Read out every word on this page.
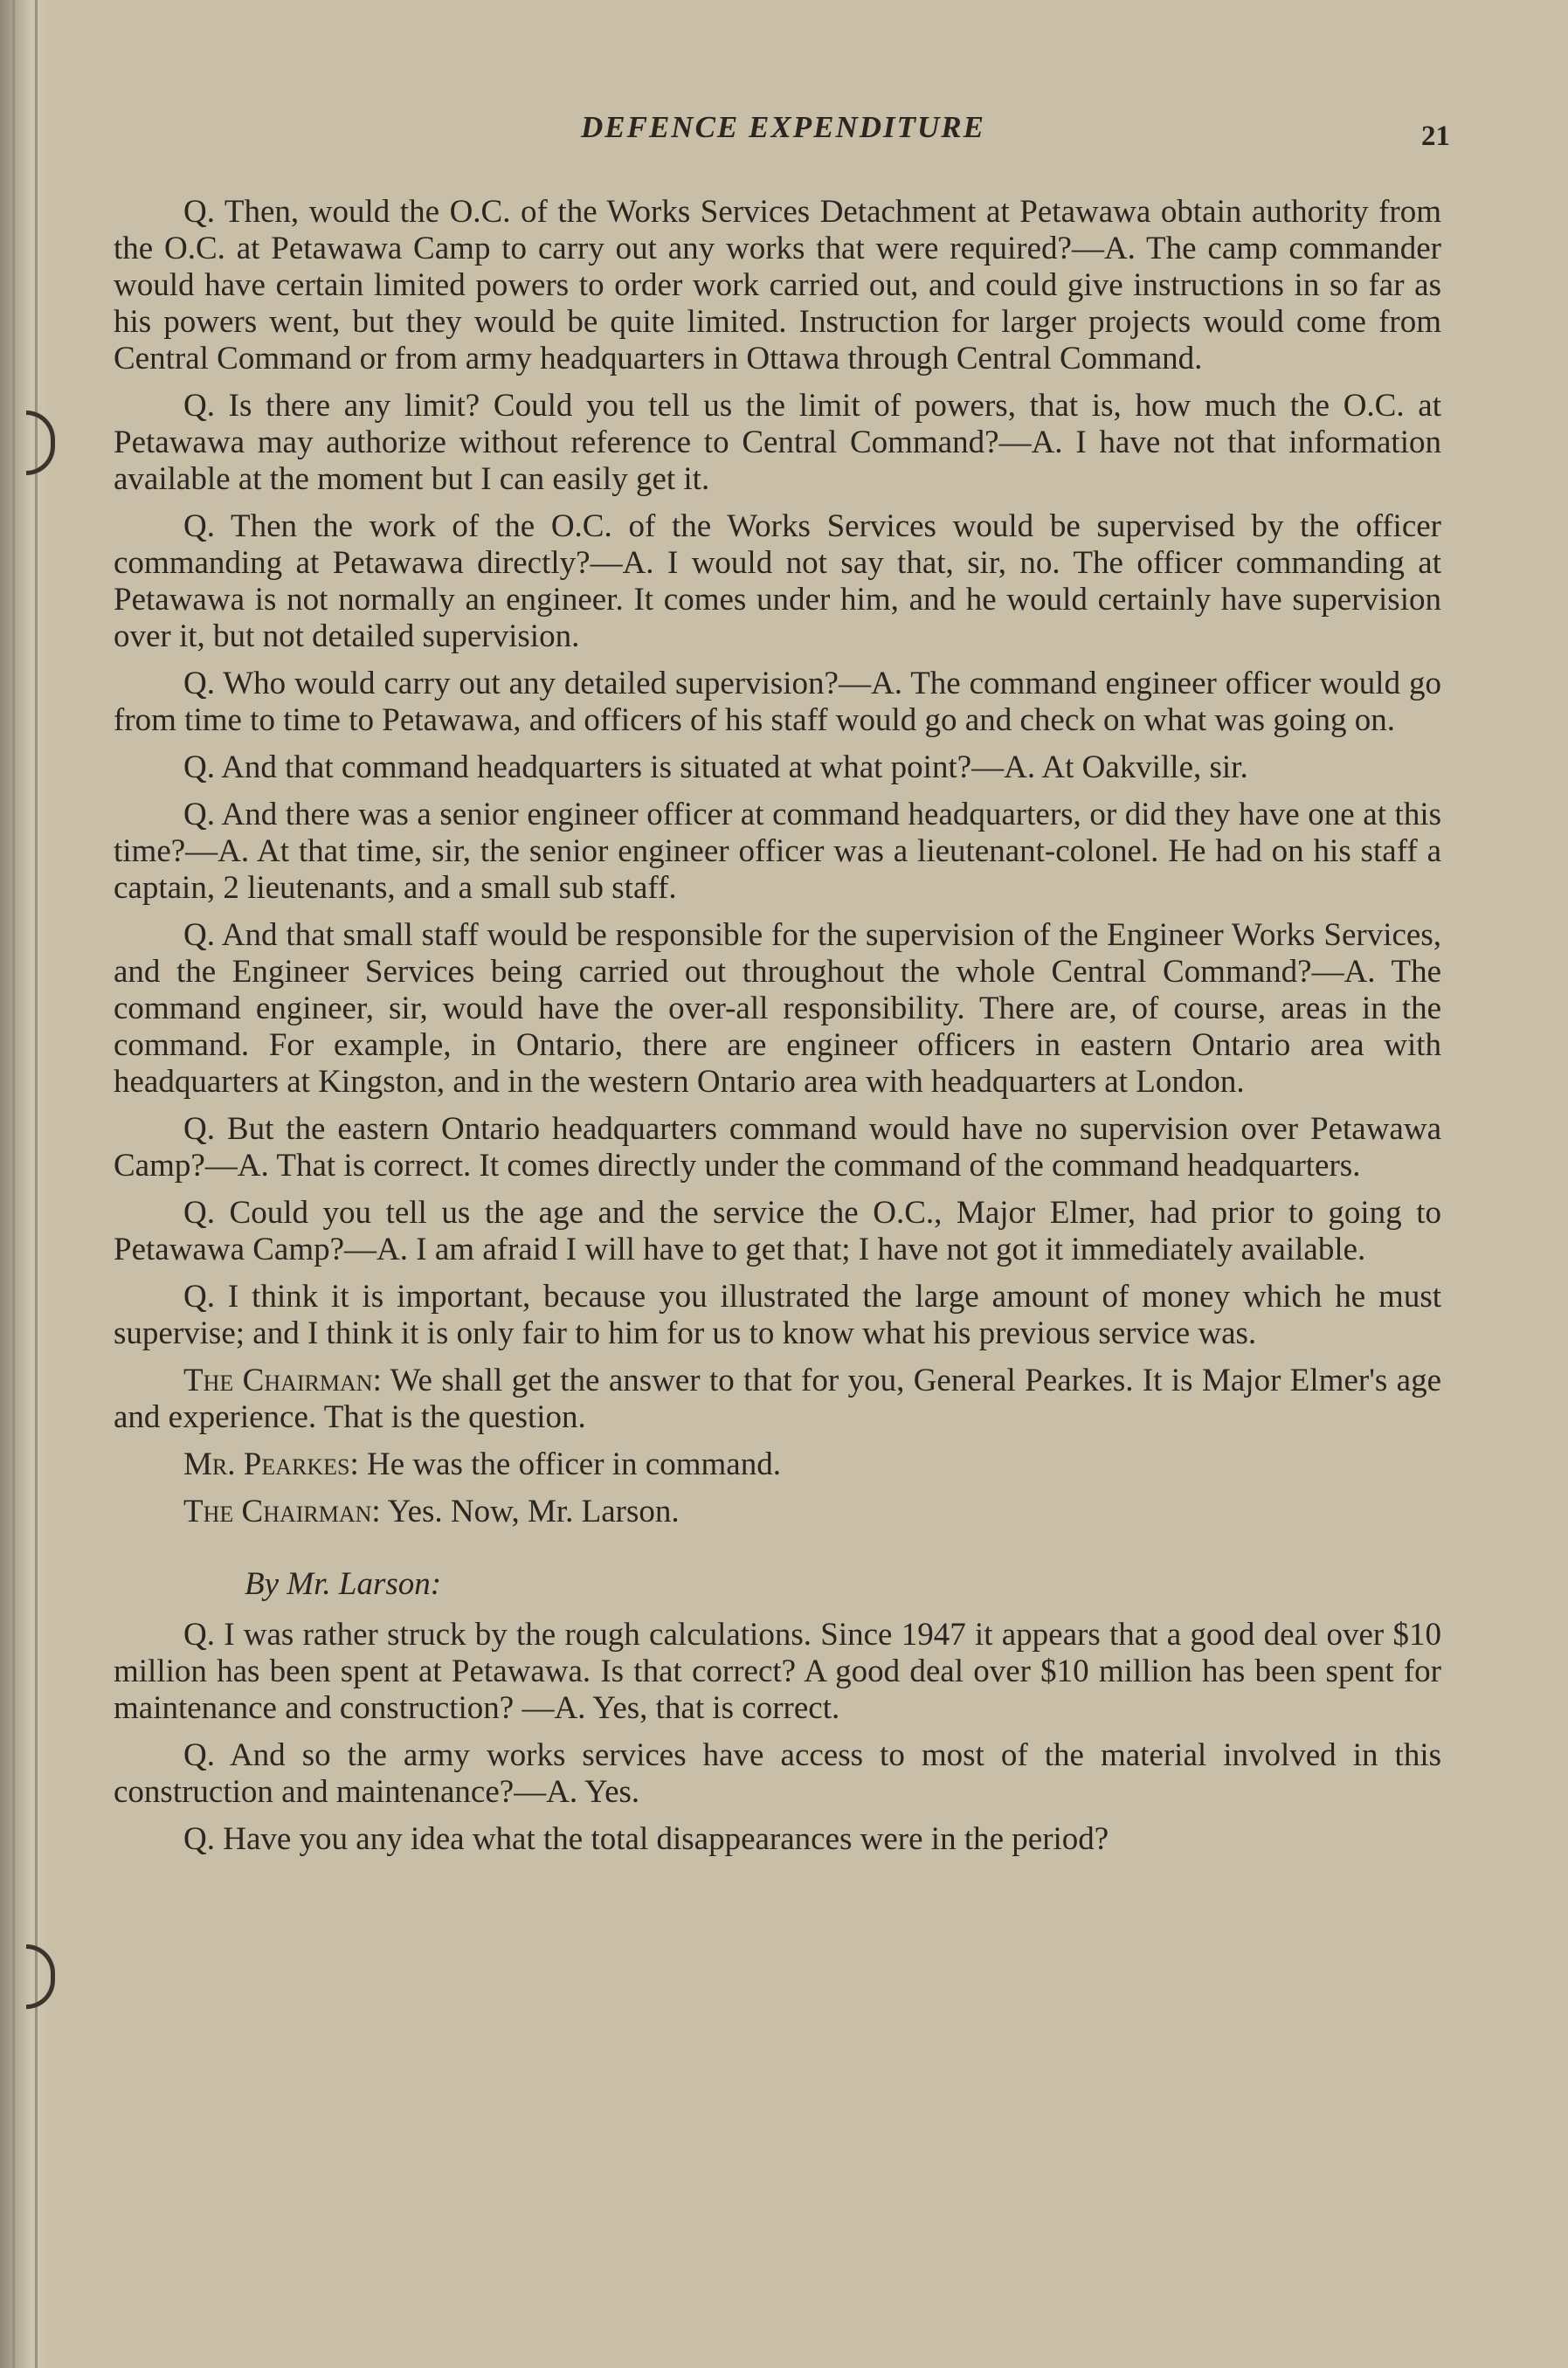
DEFENCE EXPENDITURE	21

Q. Then, would the O.C. of the Works Services Detachment at Petawawa obtain authority from the O.C. at Petawawa Camp to carry out any works that were required?—A. The camp commander would have certain limited powers to order work carried out, and could give instructions in so far as his powers went, but they would be quite limited. Instruction for larger projects would come from Central Command or from army headquarters in Ottawa through Central Command.

Q. Is there any limit? Could you tell us the limit of powers, that is, how much the O.C. at Petawawa may authorize without reference to Central Command?—A. I have not that information available at the moment but I can easily get it.

Q. Then the work of the O.C. of the Works Services would be supervised by the officer commanding at Petawawa directly?—A. I would not say that, sir, no. The officer commanding at Petawawa is not normally an engineer. It comes under him, and he would certainly have supervision over it, but not detailed supervision.

Q. Who would carry out any detailed supervision?—A. The command engineer officer would go from time to time to Petawawa, and officers of his staff would go and check on what was going on.

Q. And that command headquarters is situated at what point?—A. At Oakville, sir.

Q. And there was a senior engineer officer at command headquarters, or did they have one at this time?—A. At that time, sir, the senior engineer officer was a lieutenant-colonel. He had on his staff a captain, 2 lieutenants, and a small sub staff.

Q. And that small staff would be responsible for the supervision of the Engineer Works Services, and the Engineer Services being carried out throughout the whole Central Command?—A. The command engineer, sir, would have the over-all responsibility. There are, of course, areas in the command. For example, in Ontario, there are engineer officers in eastern Ontario area with headquarters at Kingston, and in the western Ontario area with headquarters at London.

Q. But the eastern Ontario headquarters command would have no supervision over Petawawa Camp?—A. That is correct. It comes directly under the command of the command headquarters.

Q. Could you tell us the age and the service the O.C., Major Elmer, had prior to going to Petawawa Camp?—A. I am afraid I will have to get that; I have not got it immediately available.

Q. I think it is important, because you illustrated the large amount of money which he must supervise; and I think it is only fair to him for us to know what his previous service was.

The Chairman: We shall get the answer to that for you, General Pearkes. It is Major Elmer's age and experience. That is the question.

Mr. Pearkes: He was the officer in command.

The Chairman: Yes. Now, Mr. Larson.

By Mr. Larson:

Q. I was rather struck by the rough calculations. Since 1947 it appears that a good deal over $10 million has been spent at Petawawa. Is that correct? A good deal over $10 million has been spent for maintenance and construction? —A. Yes, that is correct.

Q. And so the army works services have access to most of the material involved in this construction and maintenance?—A. Yes.

Q. Have you any idea what the total disappearances were in the period?
